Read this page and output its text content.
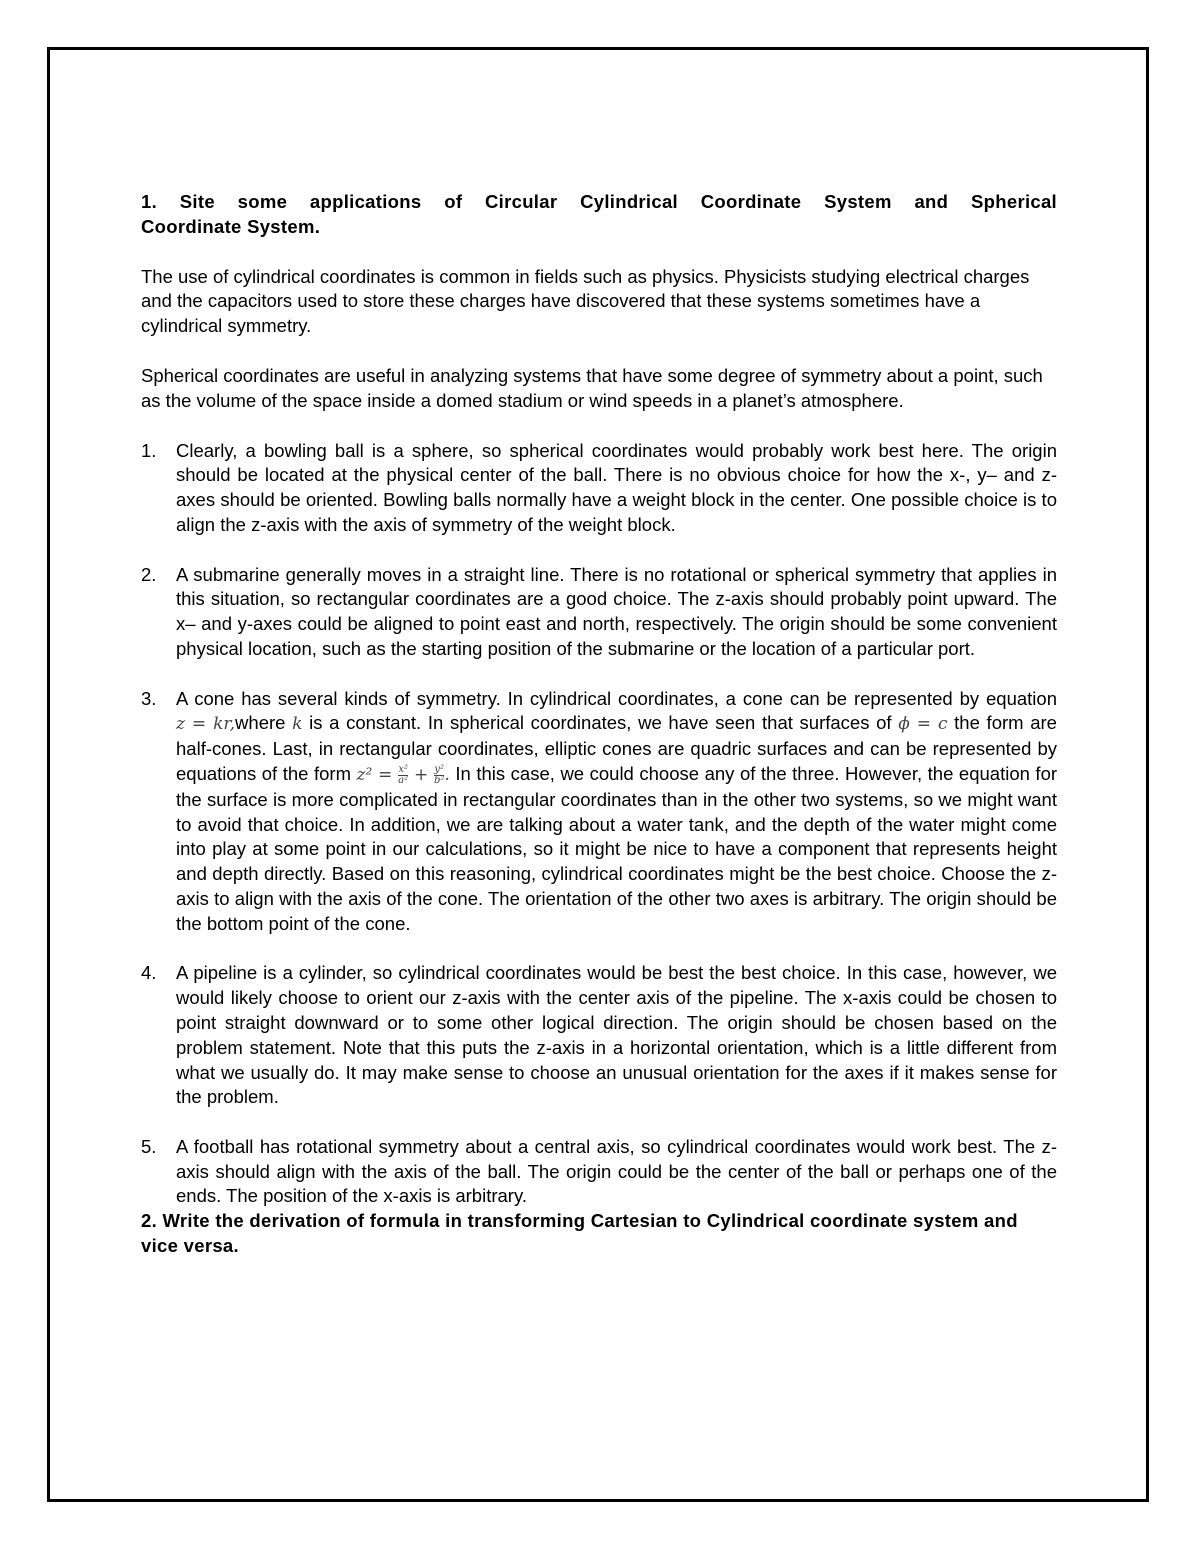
1. Site some applications of Circular Cylindrical Coordinate System and Spherical
Coordinate System.

The use of cylindrical coordinates is common in fields such as physics. Physicists studying electrical charges and the capacitors used to store these charges have discovered that these systems sometimes have a cylindrical symmetry.

Spherical coordinates are useful in analyzing systems that have some degree of symmetry about a point, such as the volume of the space inside a domed stadium or wind speeds in a planet’s atmosphere.

1. Clearly, a bowling ball is a sphere, so spherical coordinates would probably work best here. The origin should be located at the physical center of the ball. There is no obvious choice for how the x-, y– and z-axes should be oriented. Bowling balls normally have a weight block in the center. One possible choice is to align the z-axis with the axis of symmetry of the weight block.
2. A submarine generally moves in a straight line. There is no rotational or spherical symmetry that applies in this situation, so rectangular coordinates are a good choice. The z-axis should probably point upward. The x– and y-axes could be aligned to point east and north, respectively. The origin should be some convenient physical location, such as the starting position of the submarine or the location of a particular port.
3. A cone has several kinds of symmetry. In cylindrical coordinates, a cone can be represented by equation z = kr,where k is a constant. In spherical coordinates, we have seen that surfaces of ϕ = c the form are half-cones. Last, in rectangular coordinates, elliptic cones are quadric surfaces and can be represented by equations of the form $z^2 = \frac{\text{x²}}{\text{a²}} + \frac{\text{y²}}{\text{b²}}$ . In this case, we could choose any of the three. However, the equation for the surface is more complicated in rectangular coordinates than in the other two systems, so we might want to avoid that choice. In addition, we are talking about a water tank, and the depth of the water might come into play at some point in our calculations, so it might be nice to have a component that represents height and depth directly. Based on this reasoning, cylindrical coordinates might be the best choice. Choose the z-axis to align with the axis of the cone. The orientation of the other two axes is arbitrary. The origin should be the bottom point of the cone.
4. A pipeline is a cylinder, so cylindrical coordinates would be best the best choice. In this case, however, we would likely choose to orient our z-axis with the center axis of the pipeline. The x-axis could be chosen to point straight downward or to some other logical direction. The origin should be chosen based on the problem statement. Note that this puts the z-axis in a horizontal orientation, which is a little different from what we usually do. It may make sense to choose an unusual orientation for the axes if it makes sense for the problem.
5. A football has rotational symmetry about a central axis, so cylindrical coordinates would work best. The z-axis should align with the axis of the ball. The origin could be the center of the ball or perhaps one of the ends. The position of the x-axis is arbitrary.
2. Write the derivation of formula in transforming Cartesian to Cylindrical coordinate system and vice versa.
